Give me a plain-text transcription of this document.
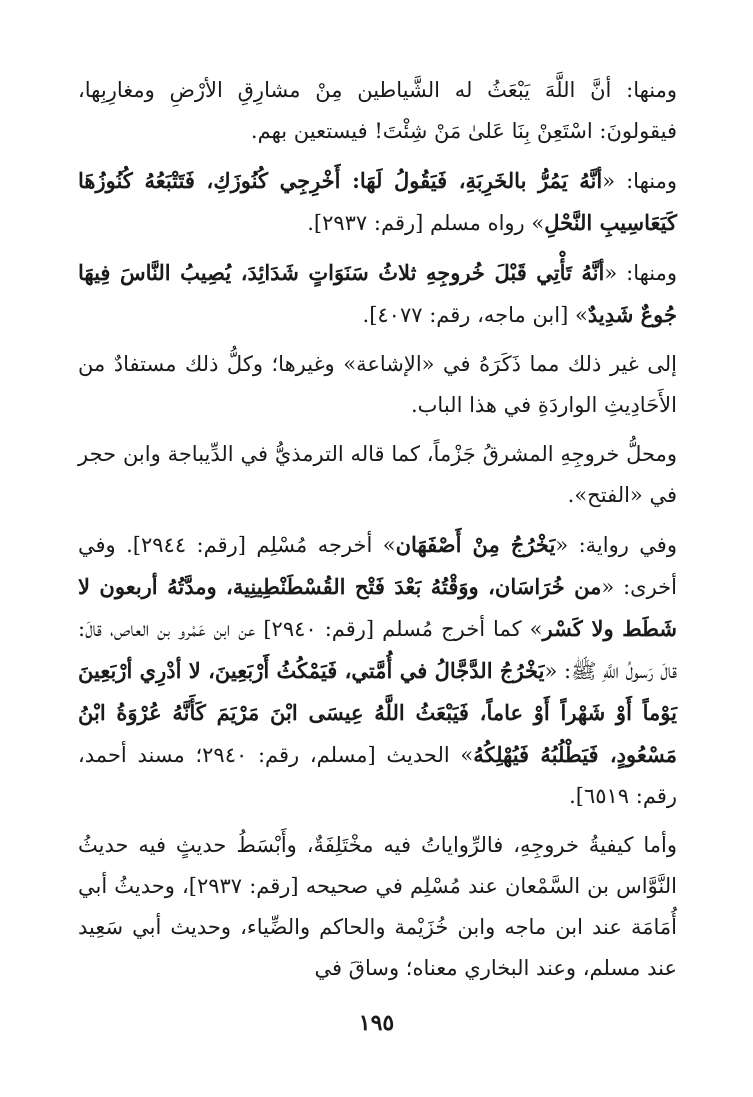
ومنها: أنَّ اللَّهَ يَبْعَثُ له الشَّياطين مِنْ مشارِقِ الأرْضِ ومغارِبِها، فيقولونَ: اسْتَعِنْ بِنَا عَلىٰ مَنْ شِئْتَ! فيستعين بهم.

ومنها: «أنَّهُ يَمُرُّ بالخَرِبَةِ، فَيَقُولُ لَهَا: أَخْرِجِي كُنُوزَكِ، فَتَتْبَعُهُ كُنُوزُهَا كَيَعَاسِيبِ النَّحْلِ» رواه مسلم [رقم: ٢٩٣٧].

ومنها: «أنَّهُ تَأْتِي قَبْلَ خُروجِهِ ثلاثُ سَنَوَاتٍ شَدَائِدَ، يُصِيبُ النَّاسَ فِيهَا جُوعٌ شَدِيدٌ» [ابن ماجه، رقم: ٤٠٧٧].

إلى غير ذلك مما ذَكَرَهُ في «الإشاعة» وغيرها؛ وكلُّ ذلك مستفادٌ من الأَحَادِيثِ الواردَةِ في هذا الباب.

ومحلُّ خروجِهِ المشرقُ جَزْماً، كما قاله الترمذيُّ في الدِّيباجة وابن حجر في «الفتح».

وفي رواية: «يَخْرُجُ مِنْ أَصْفَهَان» أخرجه مُسْلِم [رقم: ٢٩٤٤]. وفي أخرى: «من خُرَاسَان، ووَقْتُهُ بَعْدَ فَتْح القُسْطَنْطِينِية، ومدَّتُهُ أربعون لا شَطَط ولا كَسْر» كما أخرج مُسلم [رقم: ٢٩٤٠] عن ابن عَمْرو بن العاص، قالَ: قالَ رَسولُ اللَّهِ ﷺ: «يَخْرُجُ الدَّجَّالُ في أُمَّتي، فَيَمْكُثُ أَرْبَعِينَ، لا أدْرِي أرْبَعِينَ يَوْماً أَوْ شَهْراً أَوْ عاماً، فَيَبْعَثُ اللَّهُ عِيسَى ابْنَ مَرْيَمَ كَأَنَّهُ عُرْوَةُ ابْنُ مَسْعُودٍ، فَيَطْلُبُهُ فَيُهْلِكُهُ» الحديث [مسلم، رقم: ٢٩٤٠؛ مسند أحمد، رقم: ٦٥١٩].

وأما كيفيةُ خروجِهِ، فالرِّواياتُ فيه مخْتَلِفَةٌ، وأَبْسَطُ حديثٍ فيه حديثُ النَّوَّاس بن السَّمْعان عند مُسْلِم في صحيحه [رقم: ٢٩٣٧]، وحديثُ أبي أُمَامَة عند ابن ماجه وابن خُزَيْمة والحاكم والضِّياء، وحديث أبي سَعِيد عند مسلم، وعند البخاري معناه؛ وساقَ في

١٩٥
